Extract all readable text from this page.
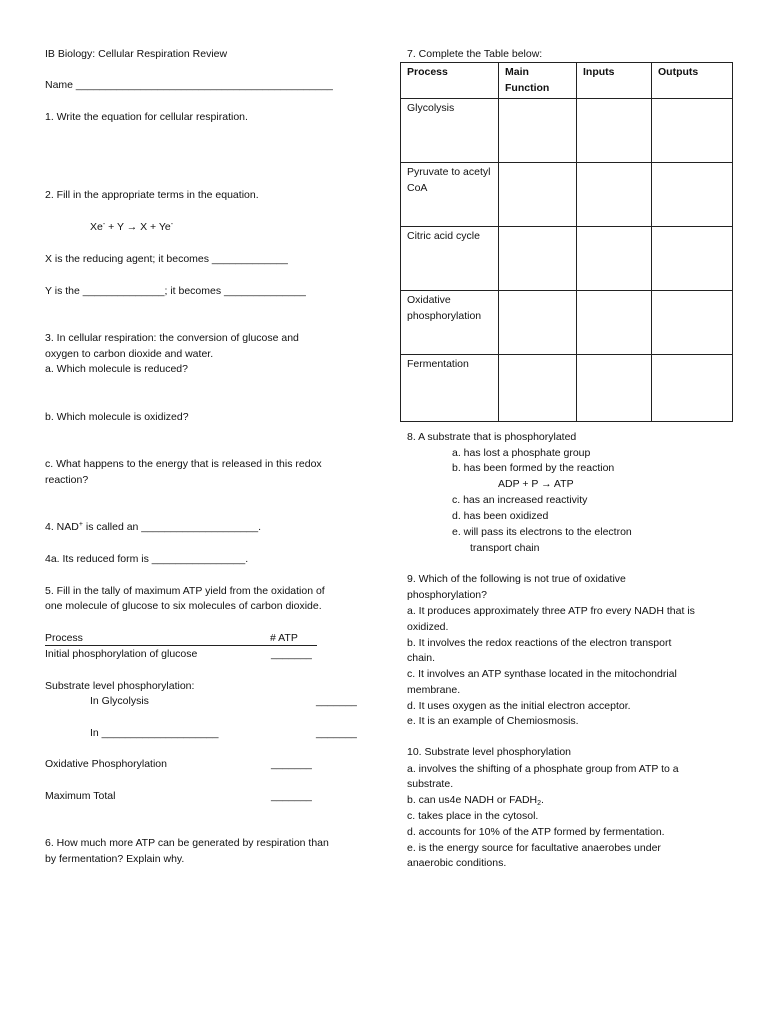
IB Biology: Cellular Respiration Review
Name ____________________________________________
1. Write the equation for cellular respiration.
2. Fill in the appropriate terms in the equation.
Xe- + Y → X + Ye-
X is the reducing agent; it becomes _____________
Y is the ______________; it becomes ______________
3. In cellular respiration: the conversion of glucose and
oxygen to carbon dioxide and water.
a. Which molecule is reduced?
b. Which molecule is oxidized?
c. What happens to the energy that is released in this redox
reaction?
4. NAD+ is called an ____________________.
4a. Its reduced form is ________________.
5. Fill in the tally of maximum ATP yield from the oxidation of
one molecule of glucose to six molecules of carbon dioxide.
Process	# ATP
Initial phosphorylation of glucose	_______
Substrate level phosphorylation:
In Glycolysis	_______
In ____________________	_______
Oxidative Phosphorylation	_______
Maximum Total	_______
6. How much more ATP can be generated by respiration than
by fermentation? Explain why.
7. Complete the Table below:
Process	Main Function	Inputs	Outputs
Glycolysis			
Pyruvate to acetyl CoA			
Citric acid cycle			
Oxidative phosphorylation			
Fermentation			
8. A substrate that is phosphorylated
a. has lost a phosphate group
b. has been formed by the reaction
ADP + P → ATP
c. has an increased reactivity
d. has been oxidized
e. will pass its electrons to the electron
transport chain
9. Which of the following is not true of oxidative
phosphorylation?
a. It produces approximately three ATP fro every NADH that is
oxidized.
b. It involves the redox reactions of the electron transport
chain.
c. It involves an ATP synthase located in the mitochondrial
membrane.
d. It uses oxygen as the initial electron acceptor.
e. It is an example of Chemiosmosis.
10. Substrate level phosphorylation
a. involves the shifting of a phosphate group from ATP to a
substrate.
b. can us4e NADH or FADH2.
c. takes place in the cytosol.
d. accounts for 10% of the ATP formed by fermentation.
e. is the energy source for facultative anaerobes under
anaerobic conditions.
